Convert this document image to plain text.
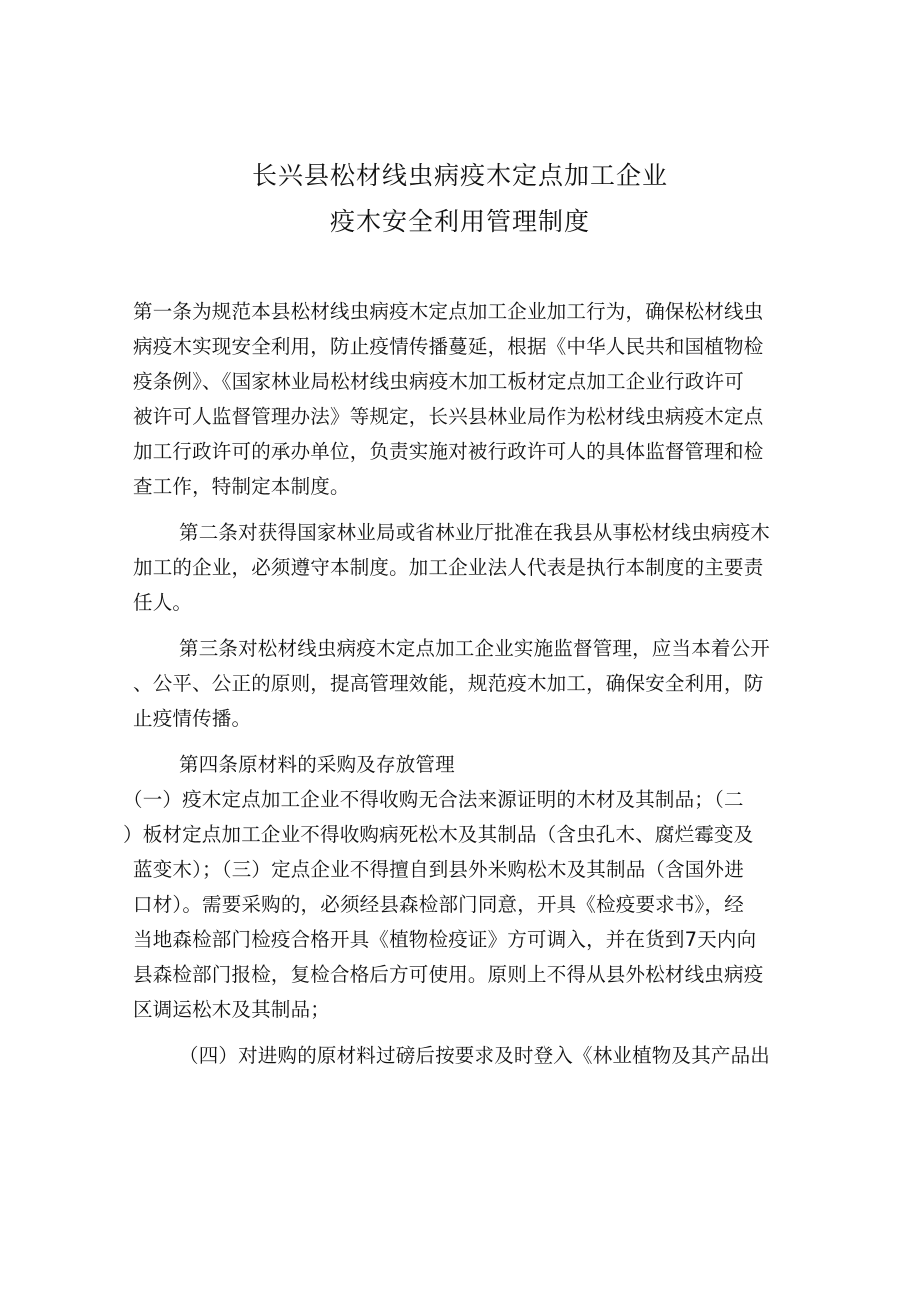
长兴县松材线虫病疫木定点加工企业
疫木安全利用管理制度

第一条为规范本县松材线虫病疫木定点加工企业加工行为，确保松材线虫
病疫木实现安全利用，防止疫情传播蔓延，根据《中华人民共和国植物检
疫条例》、《国家林业局松材线虫病疫木加工板材定点加工企业行政许可
被许可人监督管理办法》等规定，长兴县林业局作为松材线虫病疫木定点
加工行政许可的承办单位，负责实施对被行政许可人的具体监督管理和检
查工作，特制定本制度。

第二条对获得国家林业局或省林业厅批准在我县从事松材线虫病疫木
加工的企业，必须遵守本制度。加工企业法人代表是执行本制度的主要责
任人。

第三条对松材线虫病疫木定点加工企业实施监督管理，应当本着公开
、公平、公正的原则，提高管理效能，规范疫木加工，确保安全利用，防
止疫情传播。

第四条原材料的采购及存放管理

（一）疫木定点加工企业不得收购无合法来源证明的木材及其制品；（二
）板材定点加工企业不得收购病死松木及其制品（含虫孔木、腐烂霉变及
蓝变木）；（三）定点企业不得擅自到县外米购松木及其制品（含国外进
口材）。需要采购的，必须经县森检部门同意，开具《检疫要求书》，经
当地森检部门检疫合格开具《植物检疫证》方可调入，并在货到7天内向
县森检部门报检，复检合格后方可使用。原则上不得从县外松材线虫病疫
区调运松木及其制品；

（四）对进购的原材料过磅后按要求及时登入《林业植物及其产品出
